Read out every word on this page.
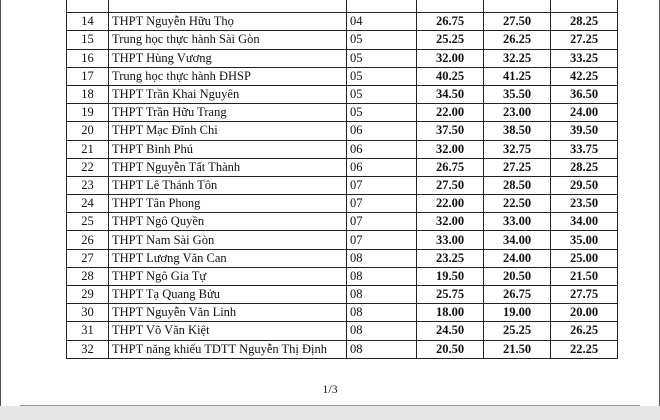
14	THPT Nguyễn Hữu Thọ	04	26.75	27.50	28.25
15	Trung học thực hành Sài Gòn	05	25.25	26.25	27.25
16	THPT Hùng Vương	05	32.00	32.25	33.25
17	Trung học thực hành ĐHSP	05	40.25	41.25	42.25
18	THPT Trần Khai Nguyên	05	34.50	35.50	36.50
19	THPT Trần Hữu Trang	05	22.00	23.00	24.00
20	THPT Mạc Đĩnh Chi	06	37.50	38.50	39.50
21	THPT Bình Phú	06	32.00	32.75	33.75
22	THPT Nguyễn Tất Thành	06	26.75	27.25	28.25
23	THPT Lê Thánh Tôn	07	27.50	28.50	29.50
24	THPT Tân Phong	07	22.00	22.50	23.50
25	THPT Ngô Quyền	07	32.00	33.00	34.00
26	THPT Nam Sài Gòn	07	33.00	34.00	35.00
27	THPT Lương Văn Can	08	23.25	24.00	25.00
28	THPT Ngô Gia Tự	08	19.50	20.50	21.50
29	THPT Tạ Quang Bửu	08	25.75	26.75	27.75
30	THPT Nguyễn Văn Linh	08	18.00	19.00	20.00
31	THPT Võ Văn Kiệt	08	24.50	25.25	26.25
32	THPT năng khiếu TDTT Nguyễn Thị Định	08	20.50	21.50	22.25
1/3
